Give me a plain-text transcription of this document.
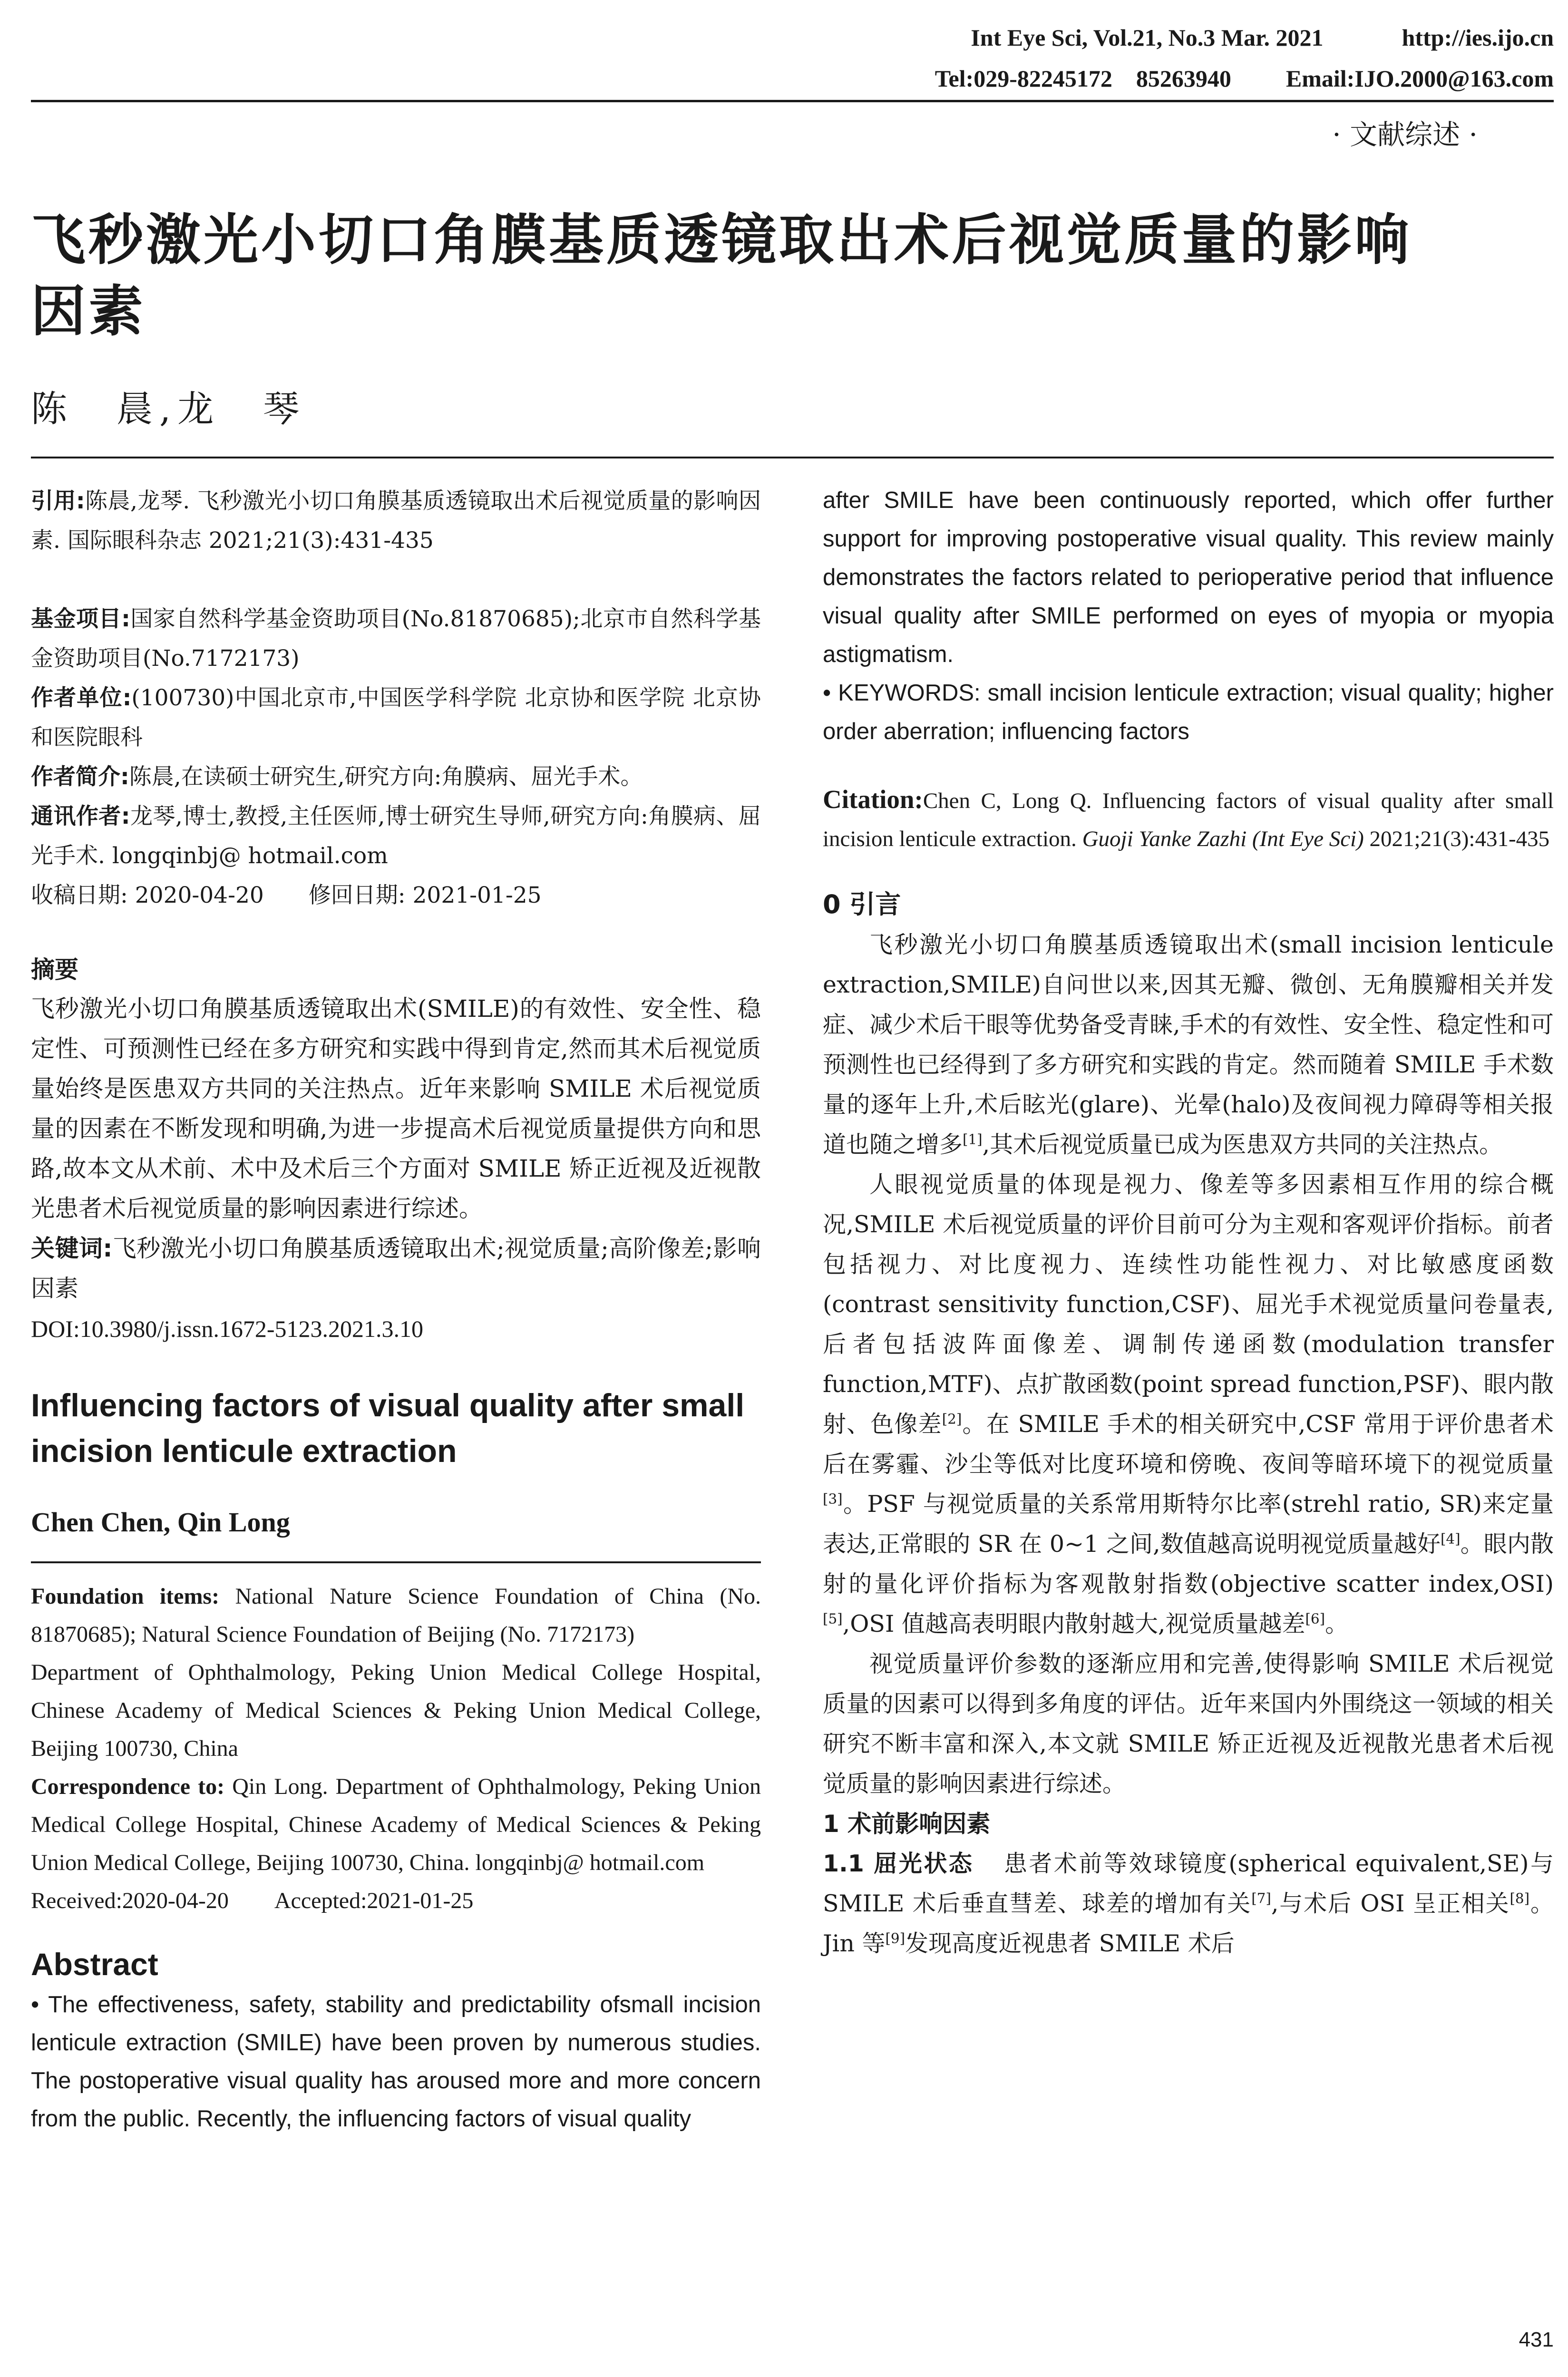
Int Eye Sci, Vol.21, No.3 Mar. 2021	http://ies.ijo.cn
Tel:029-82245172    85263940 Email:IJO.2000@163.com
· 文献综述 ·
飞秒激光小切口角膜基质透镜取出术后视觉质量的影响
因素
陈　晨,龙　琴
引用:陈晨,龙琴. 飞秒激光小切口角膜基质透镜取出术后视觉质量的影响因素. 国际眼科杂志 2021;21(3):431-435
基金项目:国家自然科学基金资助项目(No.81870685);北京市自然科学基金资助项目(No.7172173)
作者单位:(100730)中国北京市,中国医学科学院 北京协和医学院 北京协和医院眼科
作者简介:陈晨,在读硕士研究生,研究方向:角膜病、屈光手术。
通讯作者:龙琴,博士,教授,主任医师,博士研究生导师,研究方向:角膜病、屈光手术. longqinbj@ hotmail.com
收稿日期: 2020-04-20　　修回日期: 2021-01-25
摘要
飞秒激光小切口角膜基质透镜取出术(SMILE)的有效性、安全性、稳定性、可预测性已经在多方研究和实践中得到肯定,然而其术后视觉质量始终是医患双方共同的关注热点。近年来影响 SMILE 术后视觉质量的因素在不断发现和明确,为进一步提高术后视觉质量提供方向和思路,故本文从术前、术中及术后三个方面对 SMILE 矫正近视及近视散光患者术后视觉质量的影响因素进行综述。
关键词:飞秒激光小切口角膜基质透镜取出术;视觉质量;高阶像差;影响因素
DOI:10.3980/j.issn.1672-5123.2021.3.10
Influencing factors of visual quality after small incision lenticule extraction
Chen Chen, Qin Long
Foundation items: National Nature Science Foundation of China (No. 81870685); Natural Science Foundation of Beijing (No. 7172173)
Department of Ophthalmology, Peking Union Medical College Hospital, Chinese Academy of Medical Sciences & Peking Union Medical College, Beijing 100730, China
Correspondence to: Qin Long. Department of Ophthalmology, Peking Union Medical College Hospital, Chinese Academy of Medical Sciences & Peking Union Medical College, Beijing 100730, China. longqinbj@ hotmail.com
Received:2020-04-20　　Accepted:2021-01-25
Abstract
• The effectiveness, safety, stability and predictability ofsmall incision lenticule extraction (SMILE) have been proven by numerous studies. The postoperative visual quality has aroused more and more concern from the public. Recently, the influencing factors of visual quality
after SMILE have been continuously reported, which offer further support for improving postoperative visual quality. This review mainly demonstrates the factors related to perioperative period that influence visual quality after SMILE performed on eyes of myopia or myopia astigmatism.
• KEYWORDS: small incision lenticule extraction; visual quality; higher order aberration; influencing factors
Citation:Chen C, Long Q. Influencing factors of visual quality after small incision lenticule extraction. Guoji Yanke Zazhi (Int Eye Sci) 2021;21(3):431-435
0 引言
飞秒激光小切口角膜基质透镜取出术(small incision lenticule extraction,SMILE)自问世以来,因其无瓣、微创、无角膜瓣相关并发症、减少术后干眼等优势备受青睐,手术的有效性、安全性、稳定性和可预测性也已经得到了多方研究和实践的肯定。然而随着 SMILE 手术数量的逐年上升,术后眩光(glare)、光晕(halo)及夜间视力障碍等相关报道也随之增多[1],其术后视觉质量已成为医患双方共同的关注热点。
人眼视觉质量的体现是视力、像差等多因素相互作用的综合概况,SMILE 术后视觉质量的评价目前可分为主观和客观评价指标。前者包括视力、对比度视力、连续性功能性视力、对比敏感度函数(contrast sensitivity function,CSF)、屈光手术视觉质量问卷量表,后者包括波阵面像差、调制传递函数(modulation transfer function,MTF)、点扩散函数(point spread function,PSF)、眼内散射、色像差[2]。在 SMILE 手术的相关研究中,CSF 常用于评价患者术后在雾霾、沙尘等低对比度环境和傍晚、夜间等暗环境下的视觉质量[3]。PSF 与视觉质量的关系常用斯特尔比率(strehl ratio, SR)来定量表达,正常眼的 SR 在 0~1 之间,数值越高说明视觉质量越好[4]。眼内散射的量化评价指标为客观散射指数(objective scatter index,OSI)[5],OSI 值越高表明眼内散射越大,视觉质量越差[6]。
视觉质量评价参数的逐渐应用和完善,使得影响 SMILE 术后视觉质量的因素可以得到多角度的评估。近年来国内外围绕这一领域的相关研究不断丰富和深入,本文就 SMILE 矫正近视及近视散光患者术后视觉质量的影响因素进行综述。
1 术前影响因素
1.1 屈光状态 患者术前等效球镜度(spherical equivalent,SE)与 SMILE 术后垂直彗差、球差的增加有关[7],与术后 OSI 呈正相关[8]。Jin 等[9]发现高度近视患者 SMILE 术后
431
